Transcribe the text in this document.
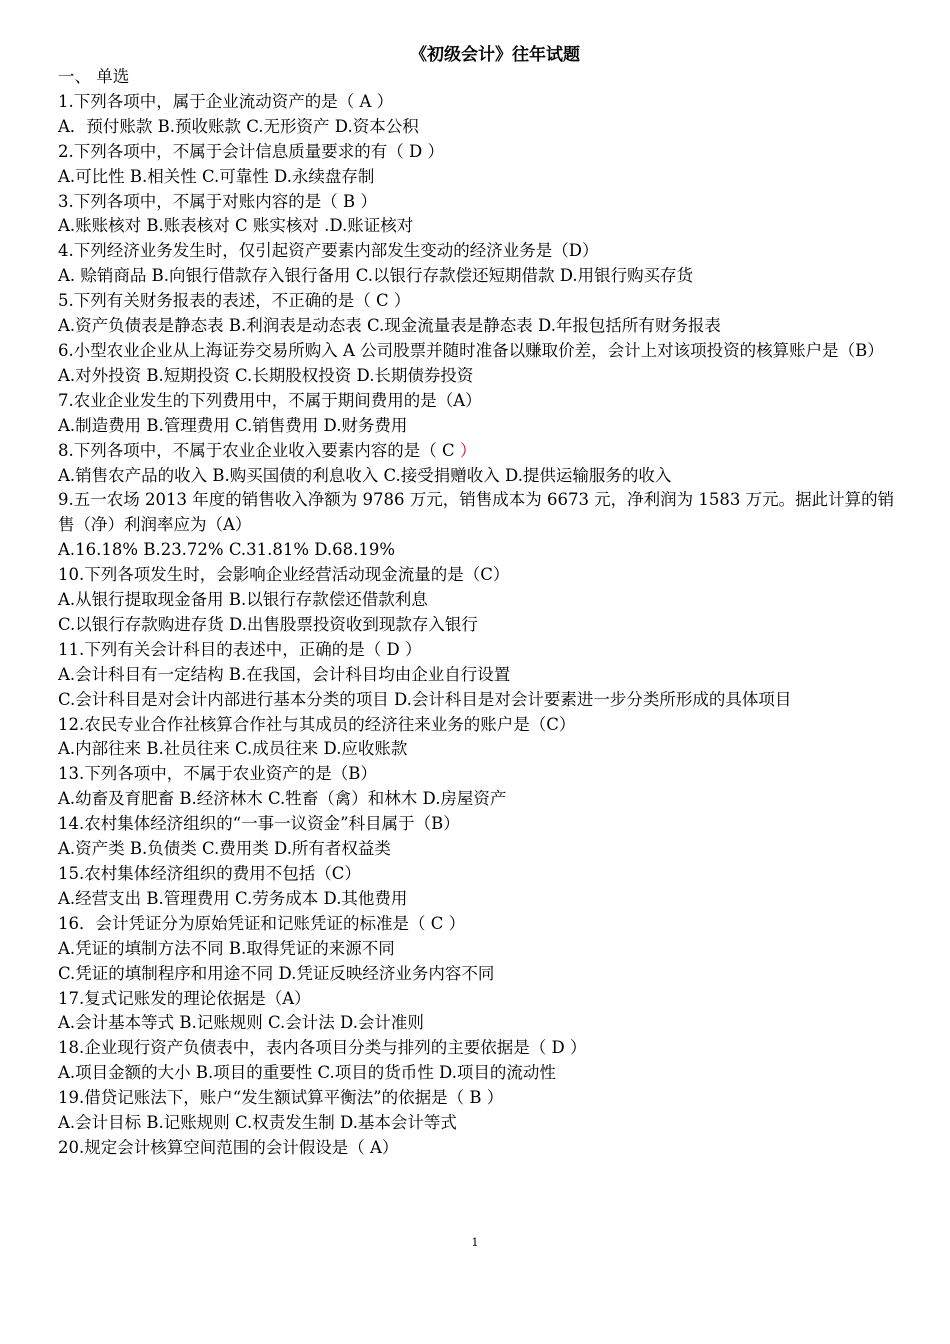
《初级会计》往年试题
一、 单选
1.下列各项中，属于企业流动资产的是（ A ）
A．预付账款 B.预收账款 C.无形资产 D.资本公积
2.下列各项中，不属于会计信息质量要求的有（ D ）
A.可比性 B.相关性 C.可靠性 D.永续盘存制
3.下列各项中，不属于对账内容的是（ B ）
A.账账核对 B.账表核对 C 账实核对 .D.账证核对
4.下列经济业务发生时，仅引起资产要素内部发生变动的经济业务是（D）
A. 赊销商品 B.向银行借款存入银行备用 C.以银行存款偿还短期借款 D.用银行购买存货
5.下列有关财务报表的表述，不正确的是（ C ）
A.资产负债表是静态表 B.利润表是动态表 C.现金流量表是静态表 D.年报包括所有财务报表
6.小型农业企业从上海证券交易所购入 A 公司股票并随时准备以赚取价差，会计上对该项投资的核算账户是（B）
A.对外投资 B.短期投资 C.长期股权投资 D.长期债券投资
7.农业企业发生的下列费用中，不属于期间费用的是（A）
A.制造费用 B.管理费用 C.销售费用 D.财务费用
8.下列各项中，不属于农业企业收入要素内容的是（ C ）
A.销售农产品的收入 B.购买国债的利息收入 C.接受捐赠收入 D.提供运输服务的收入
9.五一农场 2013 年度的销售收入净额为 9786 万元，销售成本为 6673 元，净利润为 1583 万元。据此计算的销售（净）利润率应为（A）
A.16.18% B.23.72% C.31.81% D.68.19%
10.下列各项发生时，会影响企业经营活动现金流量的是（C）
A.从银行提取现金备用 B.以银行存款偿还借款利息
C.以银行存款购进存货 D.出售股票投资收到现款存入银行
11.下列有关会计科目的表述中，正确的是（ D ）
A.会计科目有一定结构 B.在我国，会计科目均由企业自行设置
C.会计科目是对会计内部进行基本分类的项目 D.会计科目是对会计要素进一步分类所形成的具体项目
12.农民专业合作社核算合作社与其成员的经济往来业务的账户是（C）
A.内部往来 B.社员往来 C.成员往来 D.应收账款
13.下列各项中，不属于农业资产的是（B）
A.幼畜及育肥畜 B.经济林木 C.牲畜（禽）和林木 D.房屋资产
14.农村集体经济组织的“一事一议资金”科目属于（B）
A.资产类 B.负债类 C.费用类 D.所有者权益类
15.农村集体经济组织的费用不包括（C）
A.经营支出 B.管理费用 C.劳务成本 D.其他费用
16．会计凭证分为原始凭证和记账凭证的标准是（ C ）
A.凭证的填制方法不同 B.取得凭证的来源不同
C.凭证的填制程序和用途不同 D.凭证反映经济业务内容不同
17.复式记账发的理论依据是（A）
A.会计基本等式 B.记账规则 C.会计法 D.会计准则
18.企业现行资产负债表中，表内各项目分类与排列的主要依据是（ D ）
A.项目金额的大小 B.项目的重要性 C.项目的货币性 D.项目的流动性
19.借贷记账法下，账户“发生额试算平衡法”的依据是（ B ）
A.会计目标 B.记账规则 C.权责发生制 D.基本会计等式
20.规定会计核算空间范围的会计假设是（ A）
1
